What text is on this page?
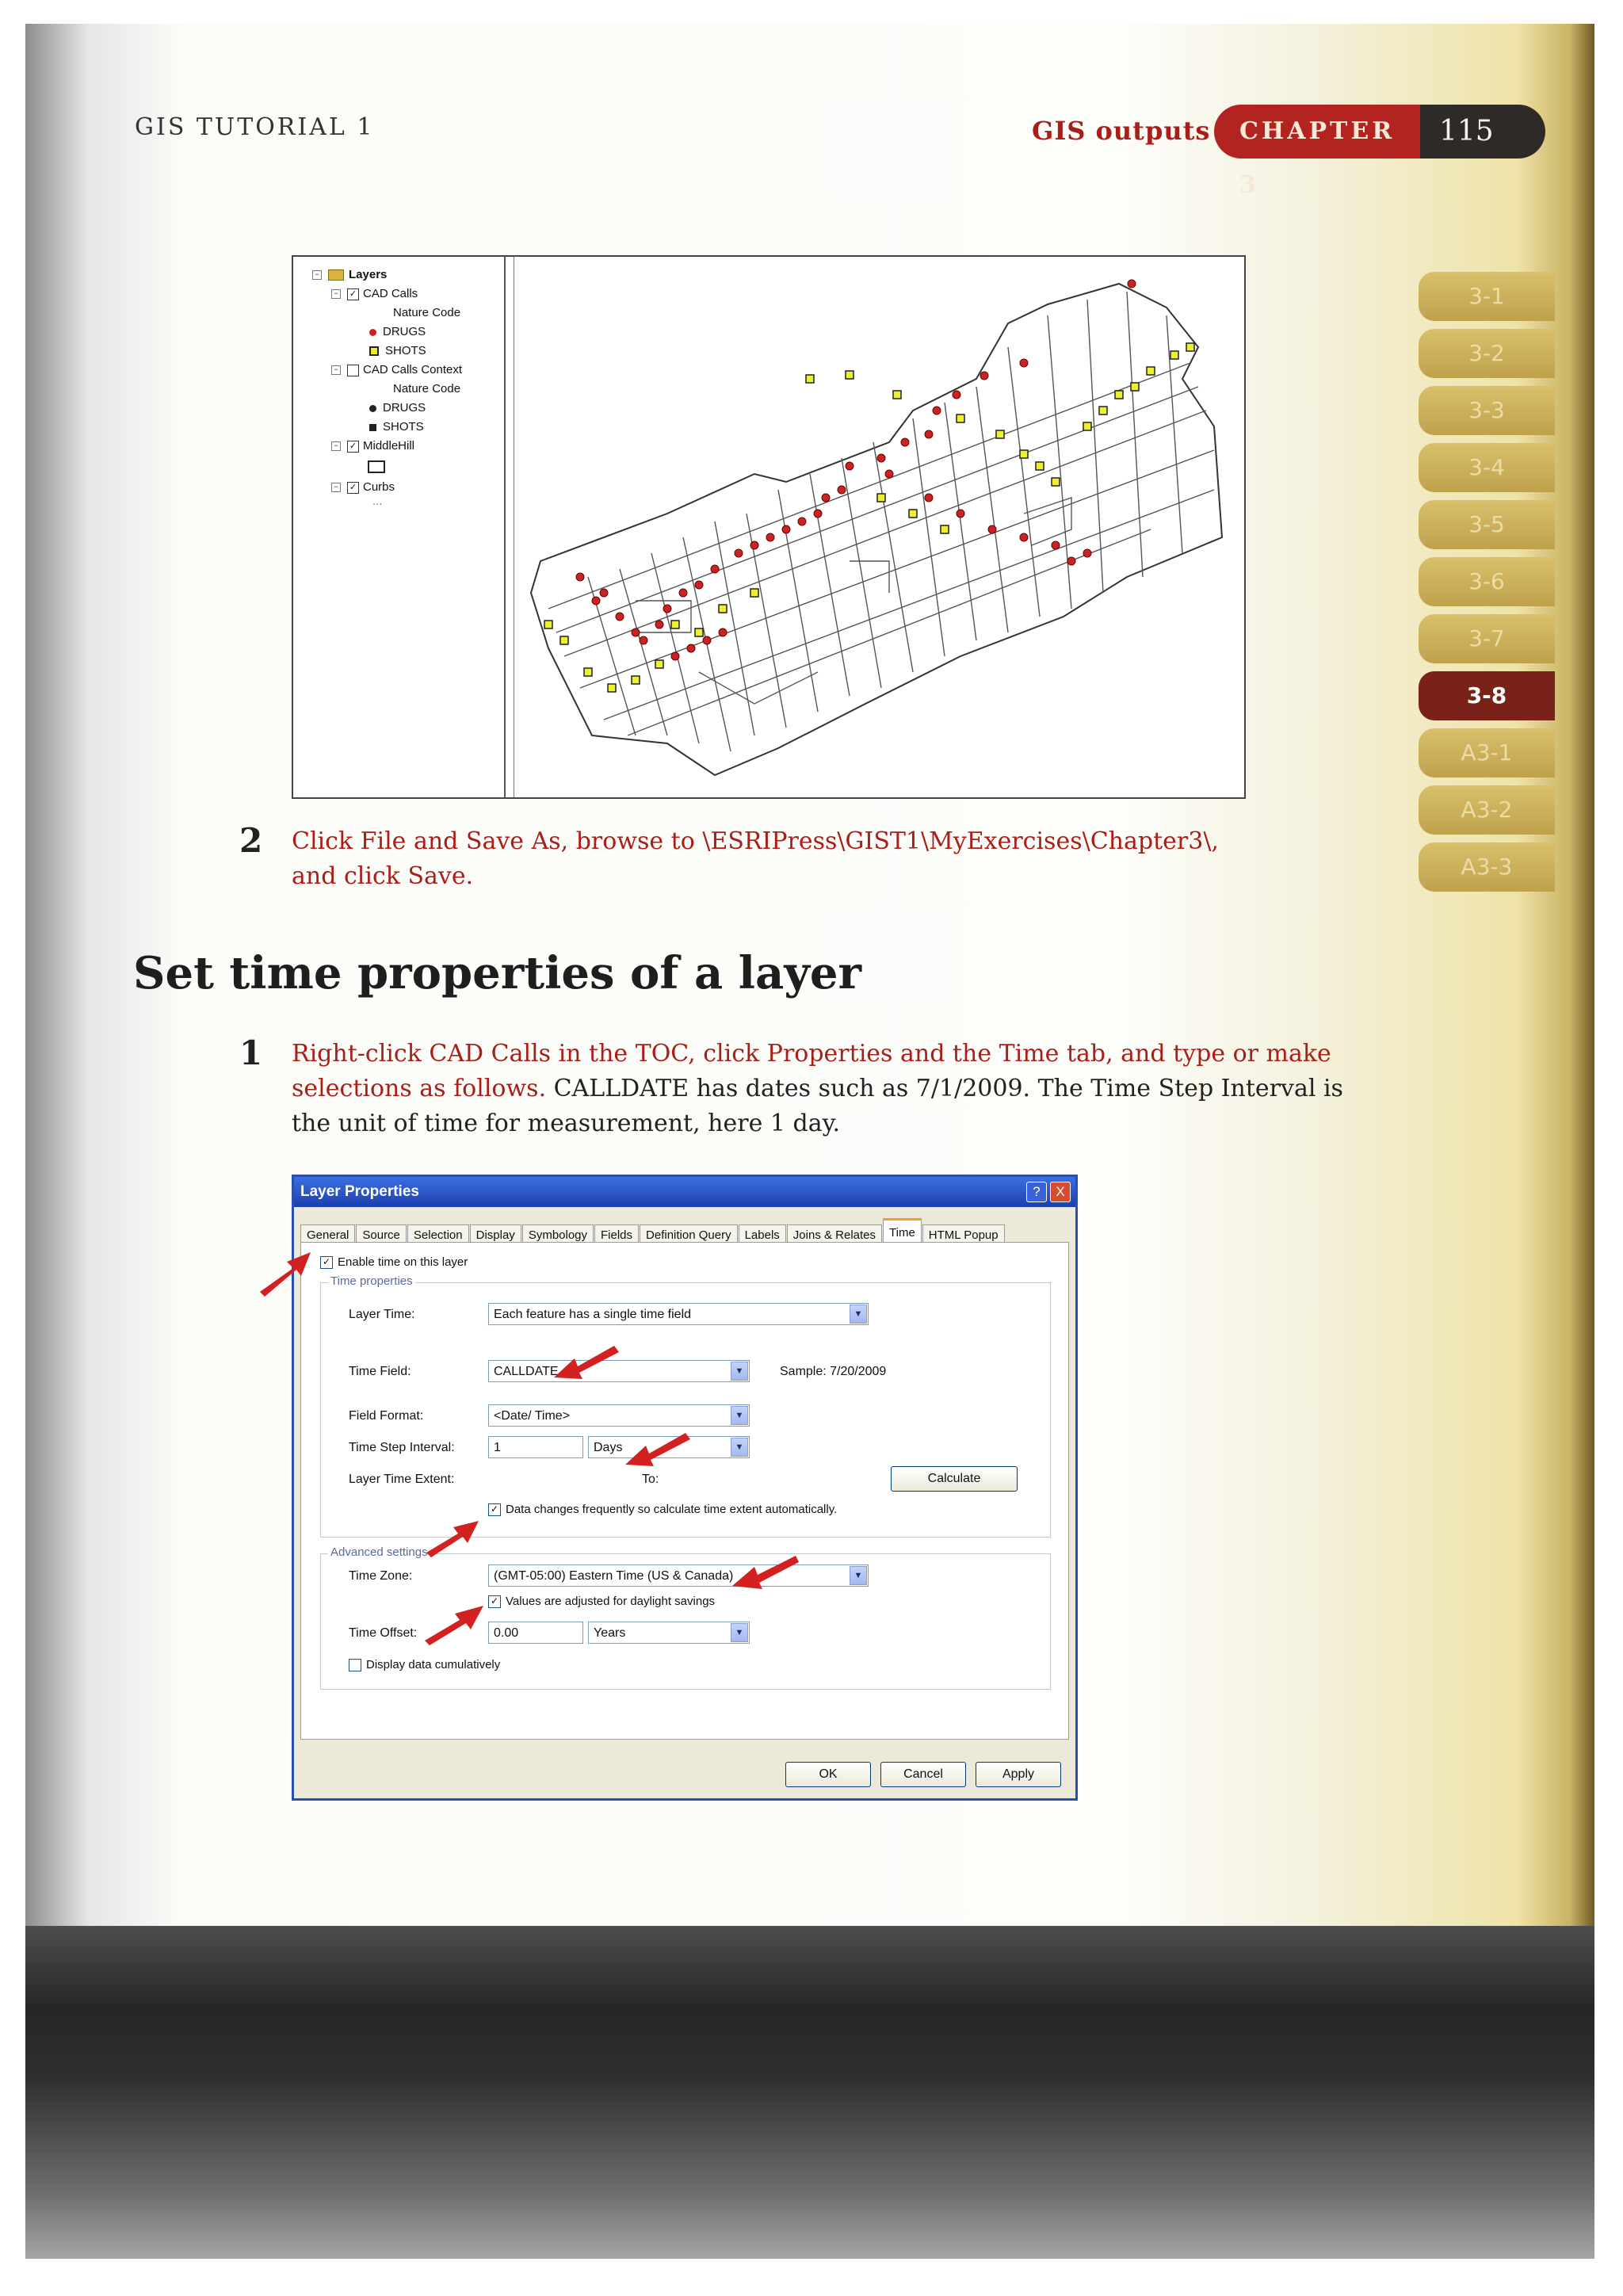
GIS TUTORIAL 1	GIS outputs	CHAPTER 3
115
3-1
3-2
3-3
3-4
3-5
3-6
3-7
3-8
A3-1
A3-2
A3-3
− Layers
− ✓ CAD Calls
Nature Code
DRUGS
SHOTS
− CAD Calls Context
Nature Code
DRUGS
SHOTS
− ✓ MiddleHill
− ✓ Curbs
...
2 Click File and Save As, browse to \ESRIPress\GIST1\MyExercises\Chapter3\, and click Save.
Set time properties of a layer
1 Right-click CAD Calls in the TOC, click Properties and the Time tab, and type or make selections as follows. CALLDATE has dates such as 7/1/2009. The Time Step Interval is the unit of time for measurement, here 1 day.
Layer Properties	?	X
General Source Selection Display Symbology Fields Definition Query Labels Joins & Relates Time HTML Popup
✓ Enable time on this layer
Time properties
Layer Time:	Each feature has a single time field	▼
Time Field:	CALLDATE	▼	Sample: 7/20/2009
Field Format:	<Date/ Time>	▼
Time Step Interval:	1	Days	▼
Layer Time Extent:	To:	Calculate
✓ Data changes frequently so calculate time extent automatically.
Advanced settings
Time Zone:	(GMT-05:00) Eastern Time (US & Canada)	▼
✓ Values are adjusted for daylight savings
Time Offset:	0.00	Years	▼
Display data cumulatively
OK	Cancel	Apply
